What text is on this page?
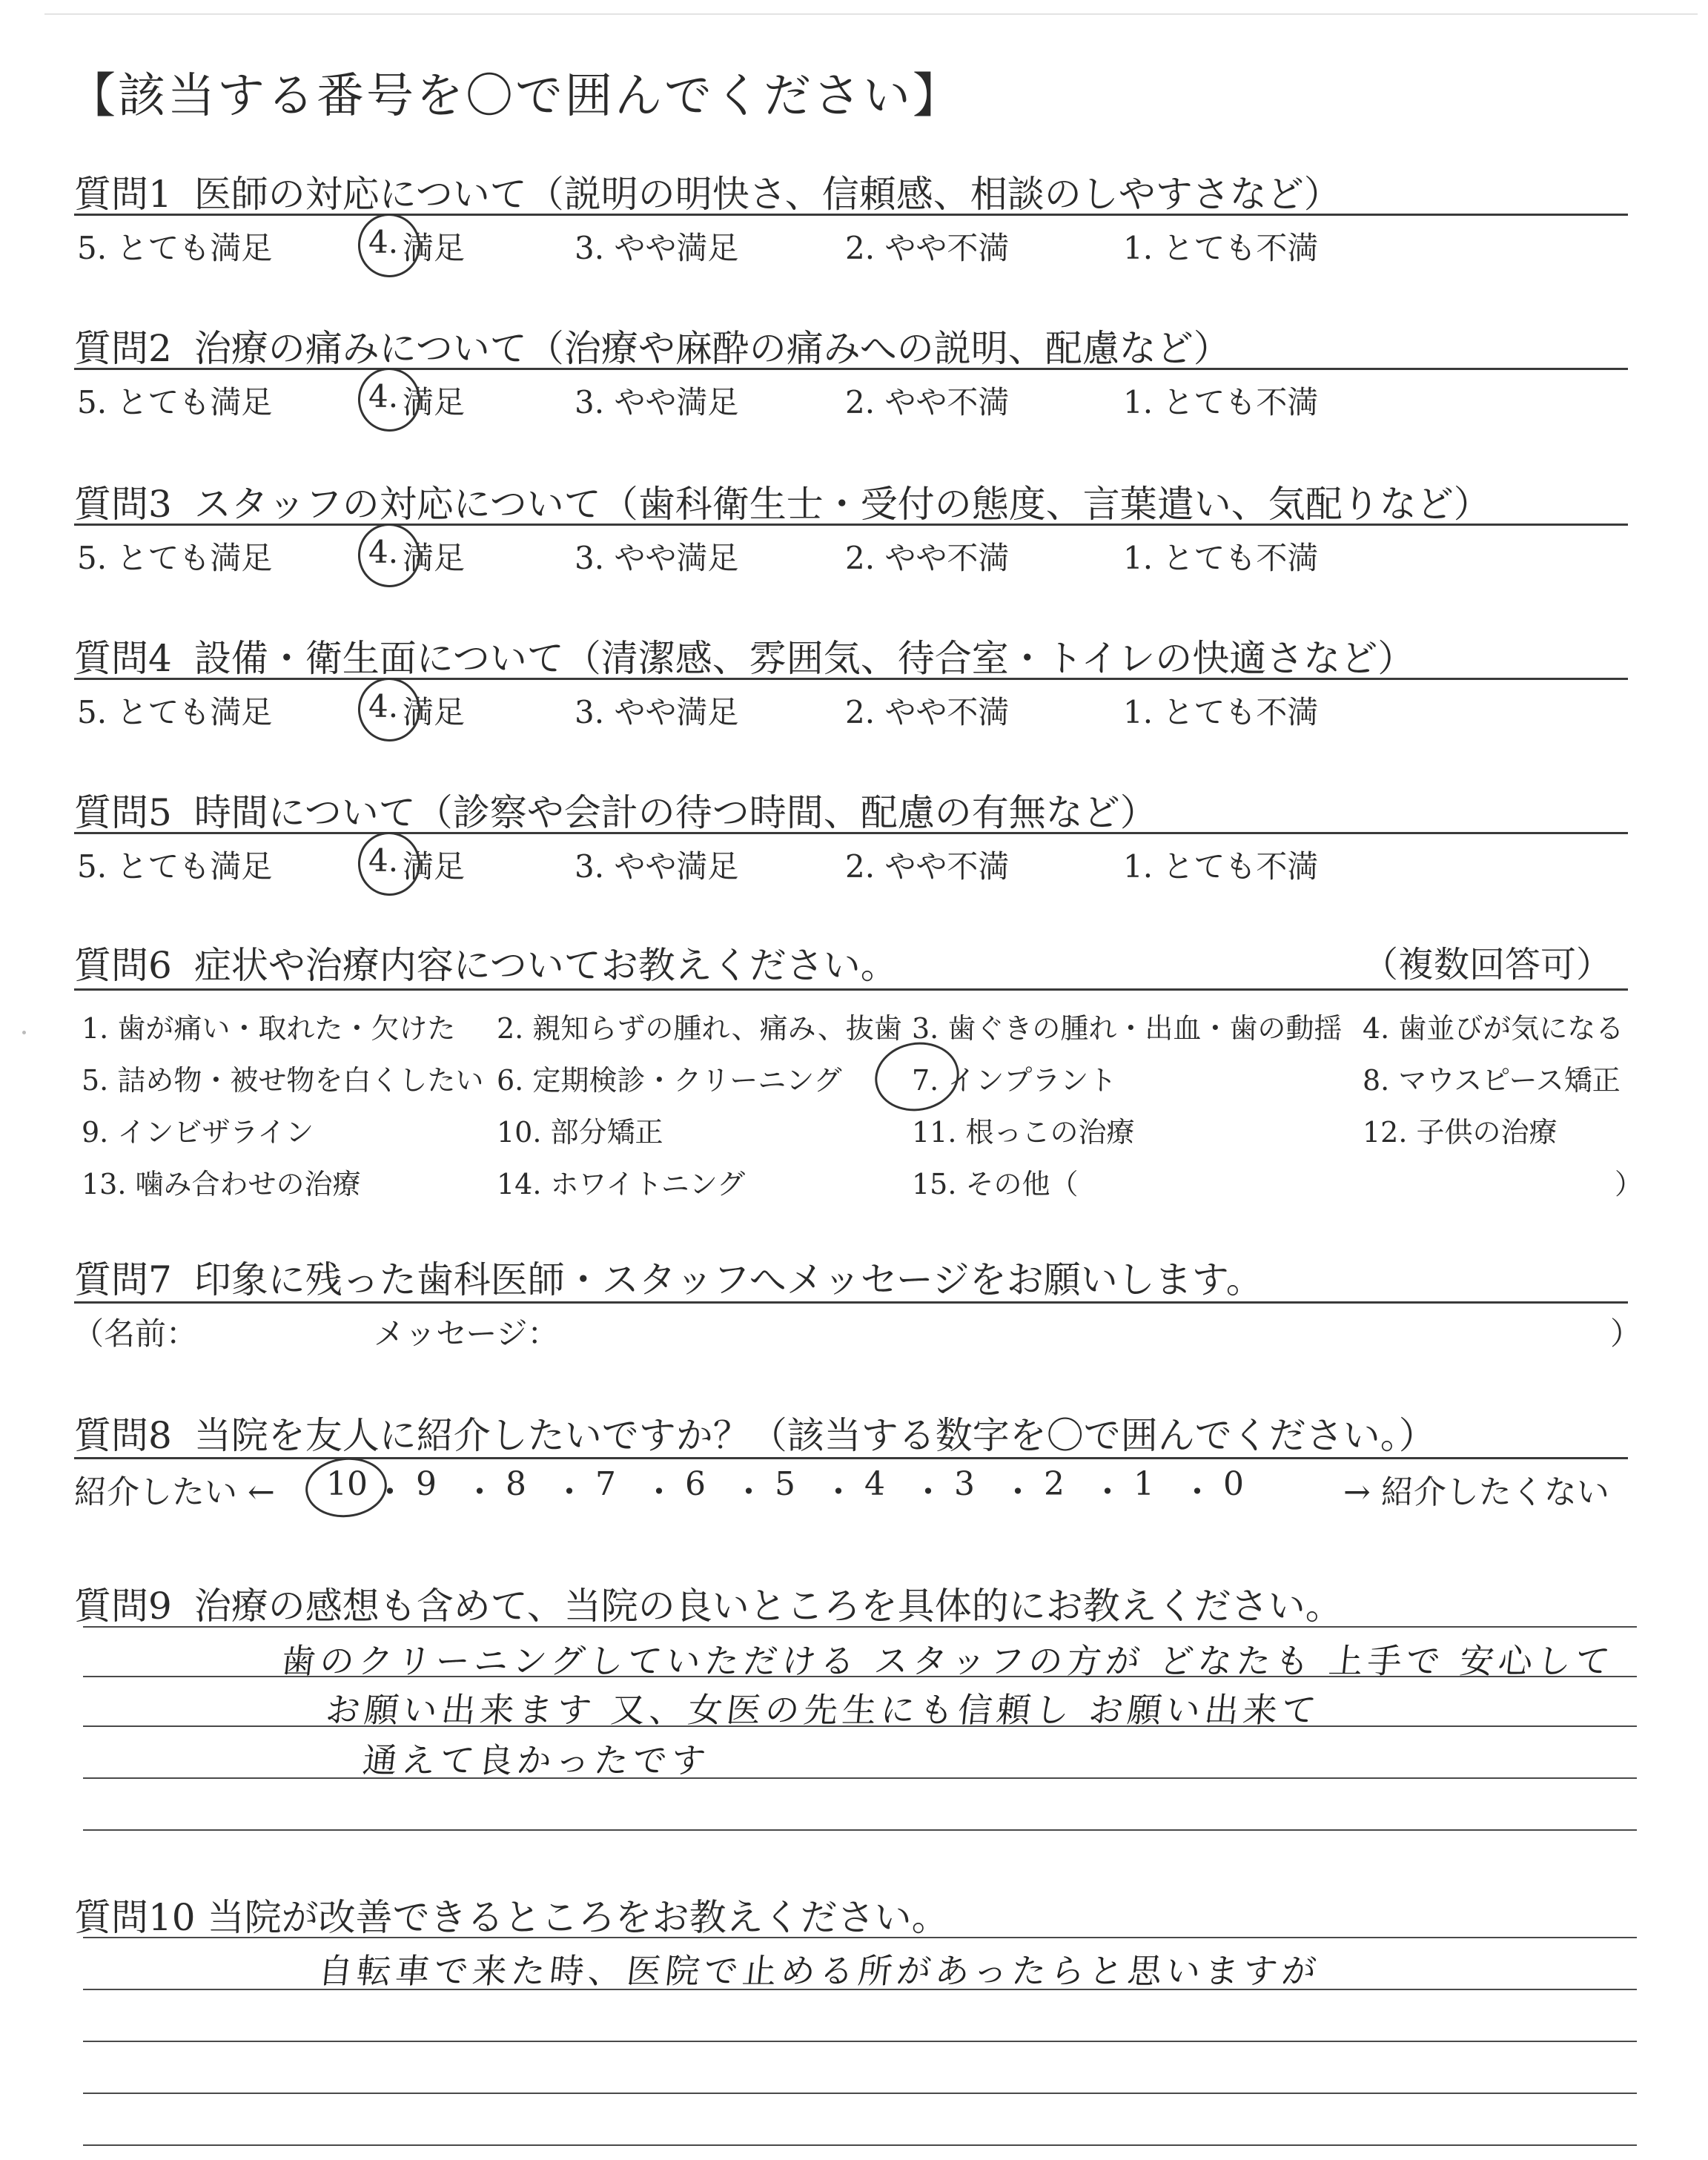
【該当する番号を〇で囲んでください】
質問1 医師の対応について（説明の明快さ、信頼感、相談のしやすさなど）
5. とても満足	4. 満足	3. やや満足	2. やや不満	1. とても不満
質問2 治療の痛みについて（治療や麻酔の痛みへの説明、配慮など）
5. とても満足	4. 満足	3. やや満足	2. やや不満	1. とても不満
質問3 スタッフの対応について（歯科衛生士・受付の態度、言葉遣い、気配りなど）
5. とても満足	4. 満足	3. やや満足	2. やや不満	1. とても不満
質問4 設備・衛生面について（清潔感、雰囲気、待合室・トイレの快適さなど）
5. とても満足	4. 満足	3. やや満足	2. やや不満	1. とても不満
質問5 時間について（診察や会計の待つ時間、配慮の有無など）
5. とても満足	4. 満足	3. やや満足	2. やや不満	1. とても不満
質問6 症状や治療内容についてお教えください。	（複数回答可）
1. 歯が痛い・取れた・欠けた 2. 親知らずの腫れ、痛み、抜歯 3. 歯ぐきの腫れ・出血・歯の動揺 4. 歯並びが気になる
5. 詰め物・被せ物を白くしたい 6. 定期検診・クリーニング 7. インプラント	8. マウスピース矯正
9. インビザライン	10. 部分矯正	11. 根っこの治療	12. 子供の治療
13. 噛み合わせの治療	14. ホワイトニング	15. その他（	）
質問7 印象に残った歯科医師・スタッフへメッセージをお願いします。
（名前：	メッセージ：	）
質問8 当院を友人に紹介したいですか？（該当する数字を〇で囲んでください。）
紹介したい ←	→ 紹介したくない
10 ・ 9 ・ 8 ・ 7 ・ 6 ・ 5 ・ 4 ・ 3 ・ 2 ・ 1 ・ 0
質問9 治療の感想も含めて、当院の良いところを具体的にお教えください。
歯のクリーニングしていただける スタッフの方が どなたも 上手で 安心して
お願い出来ます 又、女医の先生にも信頼し お願い出来て
通えて良かったです
質問10 当院が改善できるところをお教えください。
自転車で来た時、医院で止める所があったらと思いますが
